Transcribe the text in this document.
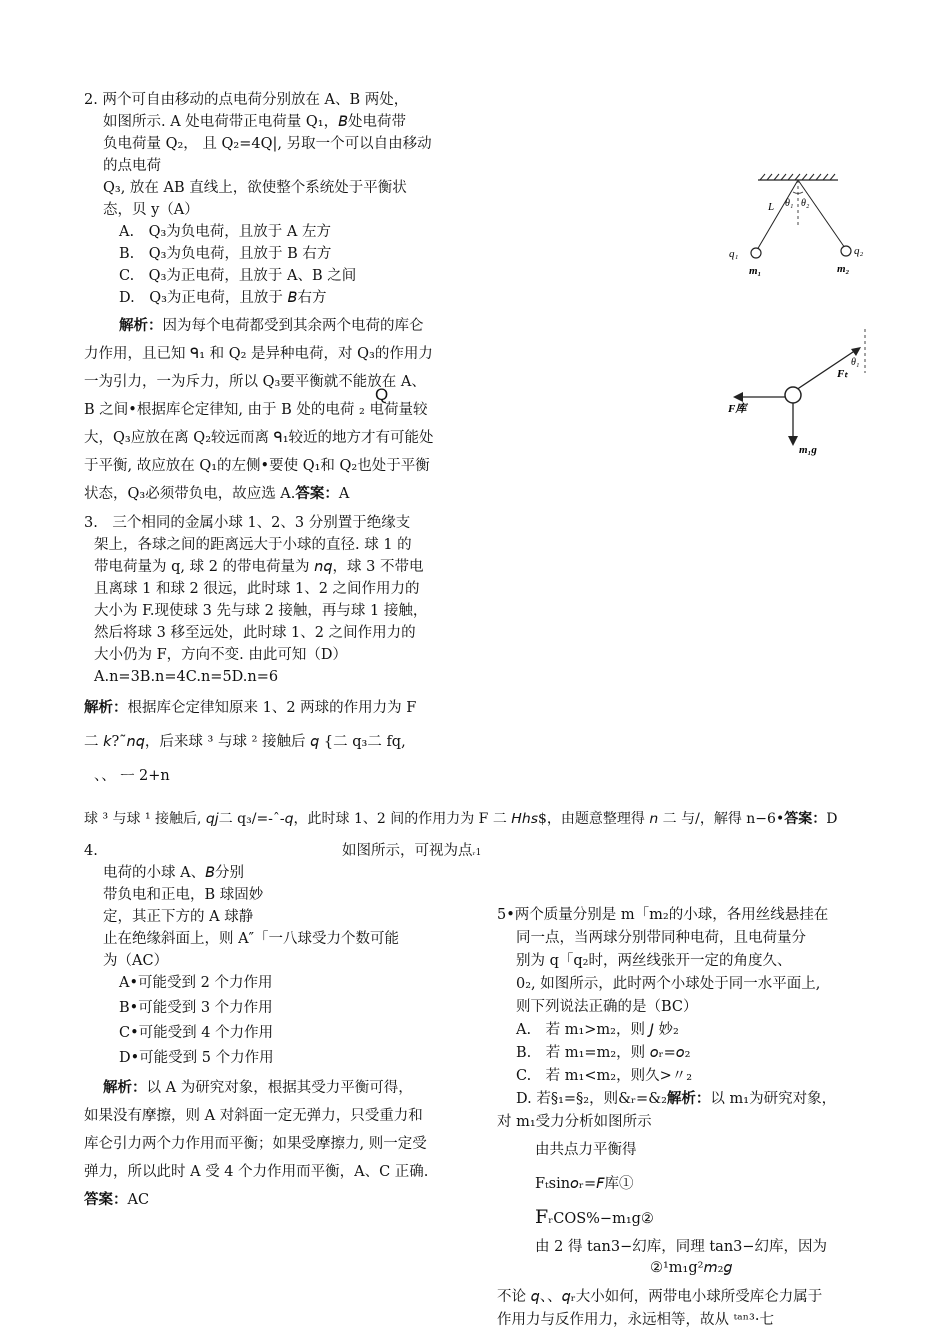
2. 两个可自由移动的点电荷分别放在 A、B 两处，
如图所示. A 处电荷带正电荷量 Q₁，𝘉处电荷带
负电荷量 Q₂， 且 Q₂=4Q|, 另取一个可以自由移动
的点电荷
Q₃, 放在 AB 直线上，欲使整个系统处于平衡状
态，贝 y（A）
A.　Q₃为负电荷，且放于 A 左方
B.　Q₃为负电荷，且放于 B 右方
C.　Q₃为正电荷，且放于 A、B 之间
D.　Q₃为正电荷，且放于 𝘉右方
解析：因为每个电荷都受到其余两个电荷的库仑
力作用，且已知 ᑫ₁ 和 Q₂ 是异种电荷，对 Q₃的作用力
一为引力，一为斥力，所以 Q₃要平衡就不能放在 A、
B 之间•根据库仑定律知, 由于 B 处的电荷 ₂ 电荷量较
Q
大，Q₃应放在离 Q₂较远而离 ᑫ₁较近的地方才有可能处
于平衡, 故应放在 Q₁的左侧•要使 Q₁和 Q₂也处于平衡
状态，Q₃必须带负电，故应选 A.答案：A
3.　三个相同的金属小球 1、2、3 分别置于绝缘支
架上，各球之间的距离远大于小球的直径. 球 1 的
带电荷量为 q, 球 2 的带电荷量为 𝘯𝘲，球 3 不带电
且离球 1 和球 2 很远，此时球 1、2 之间作用力的
大小为 F.现使球 3 先与球 2 接触，再与球 1 接触，
然后将球 3 移至远处，此时球 1、2 之间作用力的
大小仍为 F，方向不变. 由此可知（D）
A.n=3B.n=4C.n=5D.n=6
解析：根据库仑定律知原来 1、2 两球的作用力为 F
二 𝘬?˜𝘯𝘲，后来球 ³ 与球 ² 接触后 𝘲 {二 q₃二 fq,
、、 ᅳ 2+n
球 ³ 与球 ¹ 接触后, 𝘲𝘫二 q₃/=-ˆ-𝘲，此时球 1、2 间的作用力为 F 二 𝘏𝘩𝘴$，由题意整理得 𝘯 二 与/，解得 n−6•答案：D
4.	如图所示，可视为点ᵣ1
电荷的小球 A、𝘉分别
带负电和正电，B 球固妙
定，其正下方的 A 球静
止在绝缘斜面上，则 A″「一八球受力个数可能
为（AC）
A•可能受到 2 个力作用
B•可能受到 3 个力作用
C•可能受到 4 个力作用
D•可能受到 5 个力作用
解析：以 A 为研究对象，根据其受力平衡可得，
如果没有摩擦，则 A 对斜面一定无弹力，只受重力和
库仑引力两个力作用而平衡；如果受摩擦力, 则一定受
弹力，所以此时 A 受 4 个力作用而平衡，A、C 正确.
答案：AC
5•两个质量分别是 m「m₂的小球，各用丝线悬挂在
同一点，当两球分别带同种电荷，且电荷量分
别为 q「q₂时，两丝线张开一定的角度久、
0₂, 如图所示，此时两个小球处于同一水平面上,
则下列说法正确的是（BC）
A.　若 m₁>m₂，则 𝘑 妙₂
B.　若 m₁=m₂，则 𝘰ᵣ=𝘰₂
C.　若 m₁<m₂，则久>〃₂
D. 若§₁=§₂，则&ᵣ=&₂解析：以 m₁为研究对象，
对 m₁受力分析如图所示
由共点力平衡得
Fₜsin𝘰ᵣ=𝘍库①
FᵣCOS%−m₁g②
由 2 得 tan3−幻库，同理 tan3−幻库，因为
②¹m₁g²𝘮₂𝘨
不论 𝘲、、𝘲ᵣ大小如何，两带电小球所受库仑力属于
作用力与反作用力，永远相等，故从 ᵗᵃⁿ³·七
L θ₁ θ₂
q₁	q₂
m₁	m₂
Fₜ
θ₁
F库
m₁g
